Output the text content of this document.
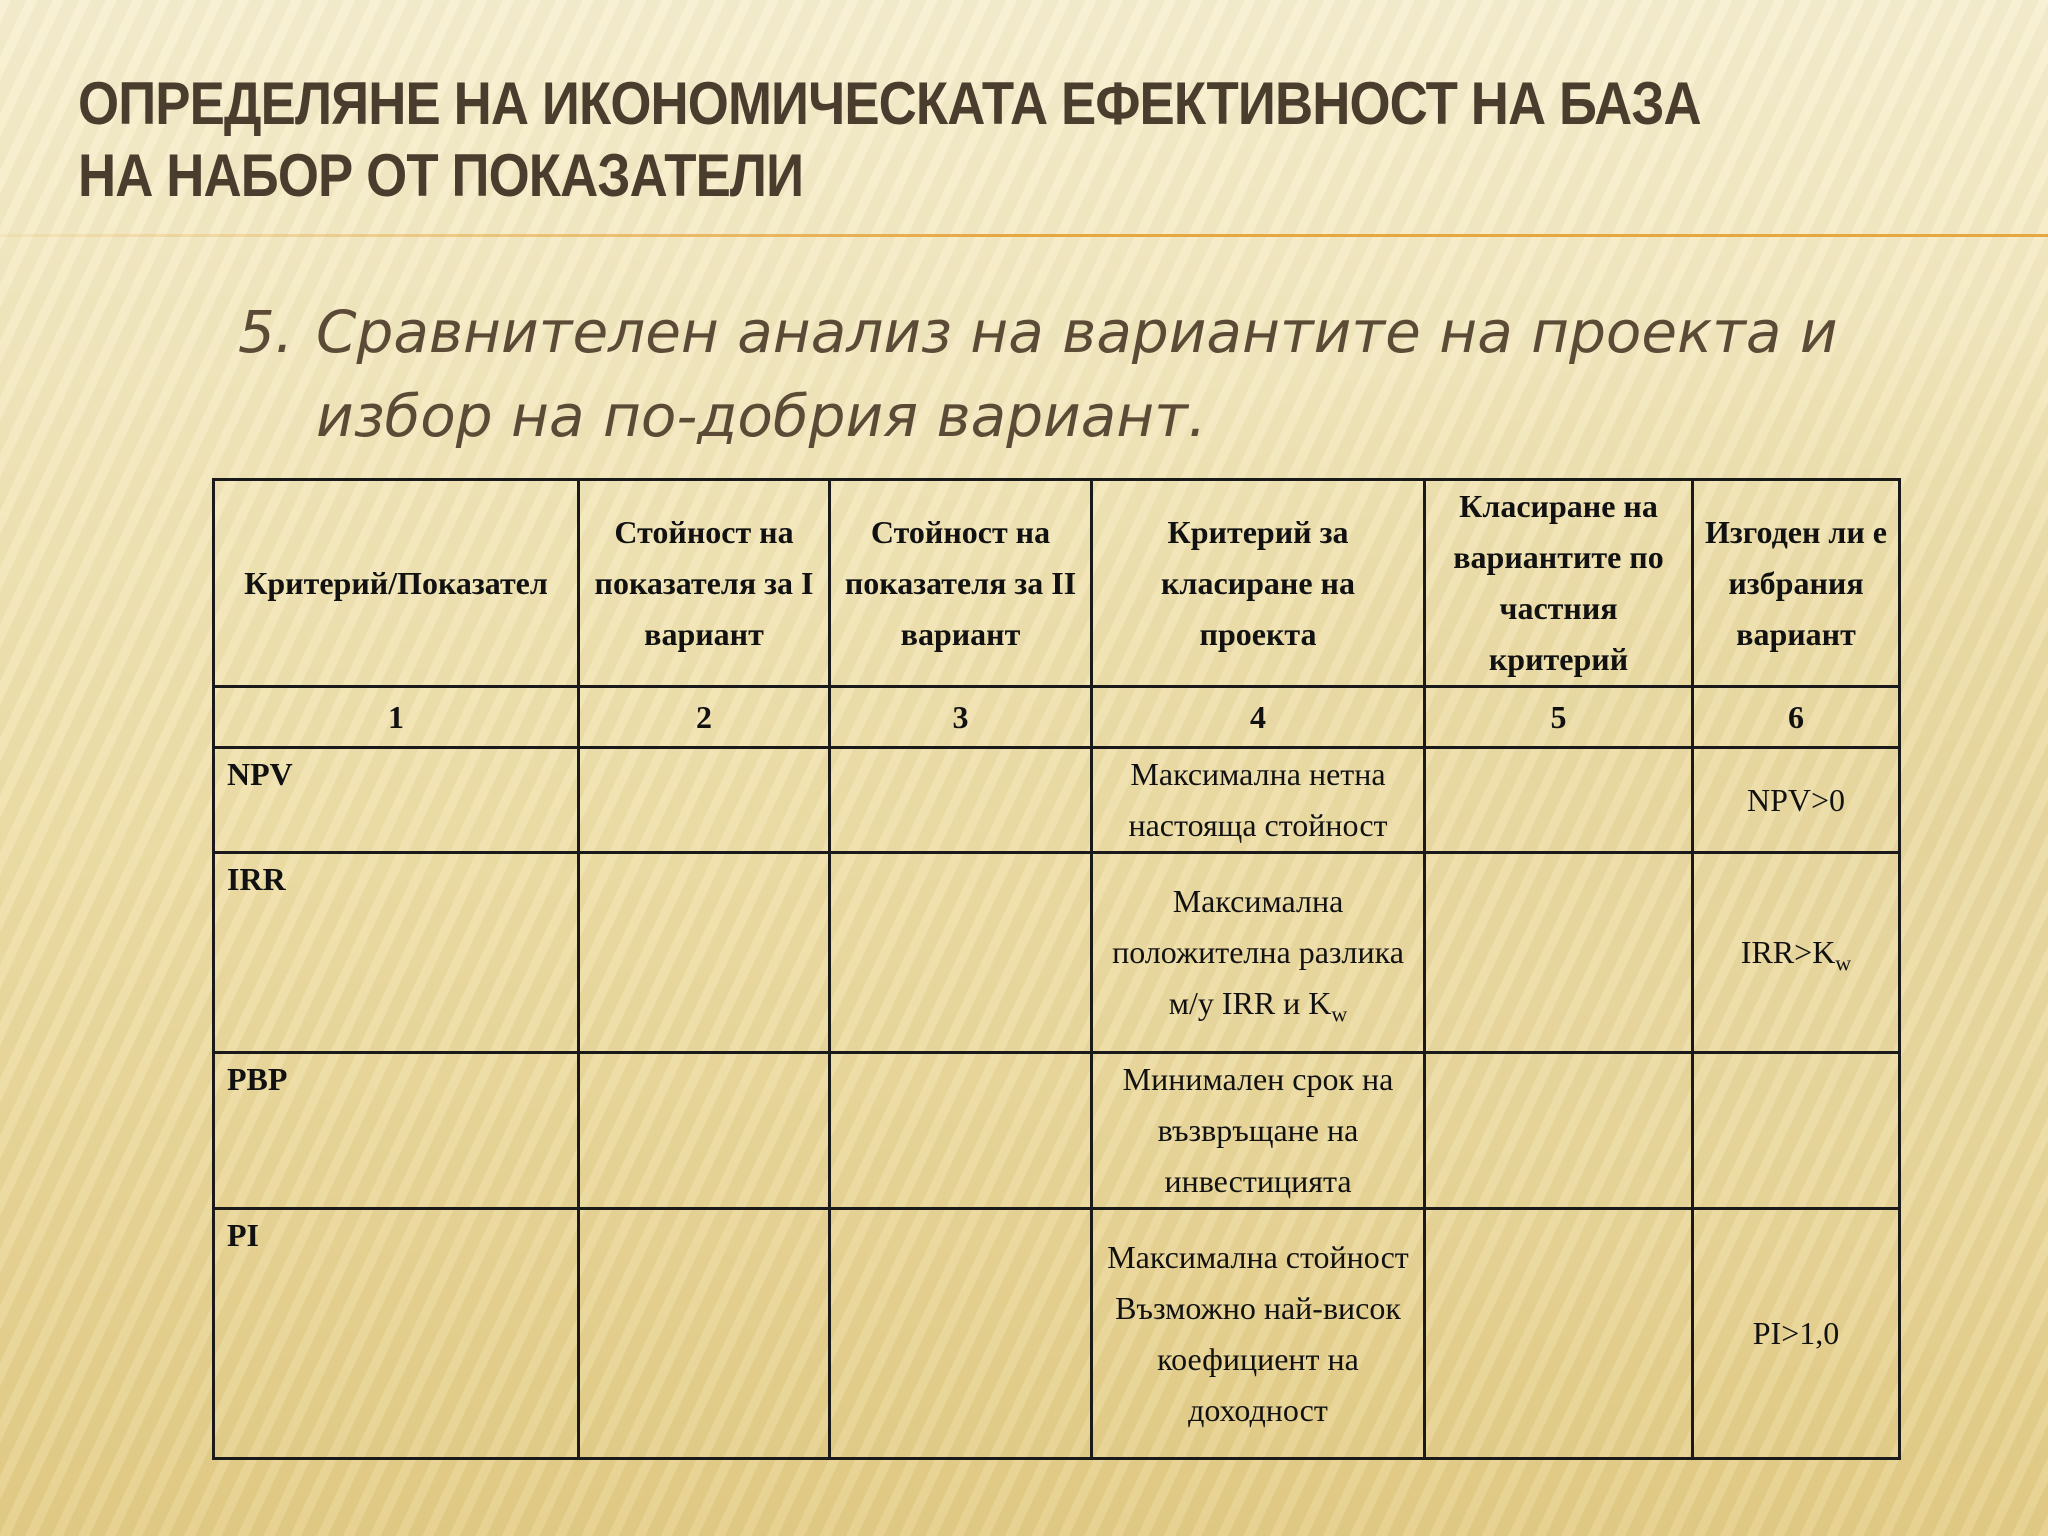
ОПРЕДЕЛЯНЕ НА ИКОНОМИЧЕСКАТА ЕФЕКТИВНОСТ НА БАЗА НА НАБОР ОТ ПОКАЗАТЕЛИ
5. Сравнителен анализ на вариантите на проекта и избор на по-добрия вариант.
Критерий/Показател	Стойност на показателя за I вариант	Стойност на показателя за II вариант	Критерий за класиране на проекта	Класиране на вариантите по частния критерий	Изгоден ли е избрания вариант
1	2	3	4	5	6
NPV			Максимална нетна настояща стойност		NPV>0
IRR			Максимална положителна разлика м/у IRR и $K_w$		$IRR>K_w$
PBP			Минимален срок на възвръщане на инвестицията		
PI			Максимална стойност Възможно най-висок коефициент на доходност		PI>1,0
